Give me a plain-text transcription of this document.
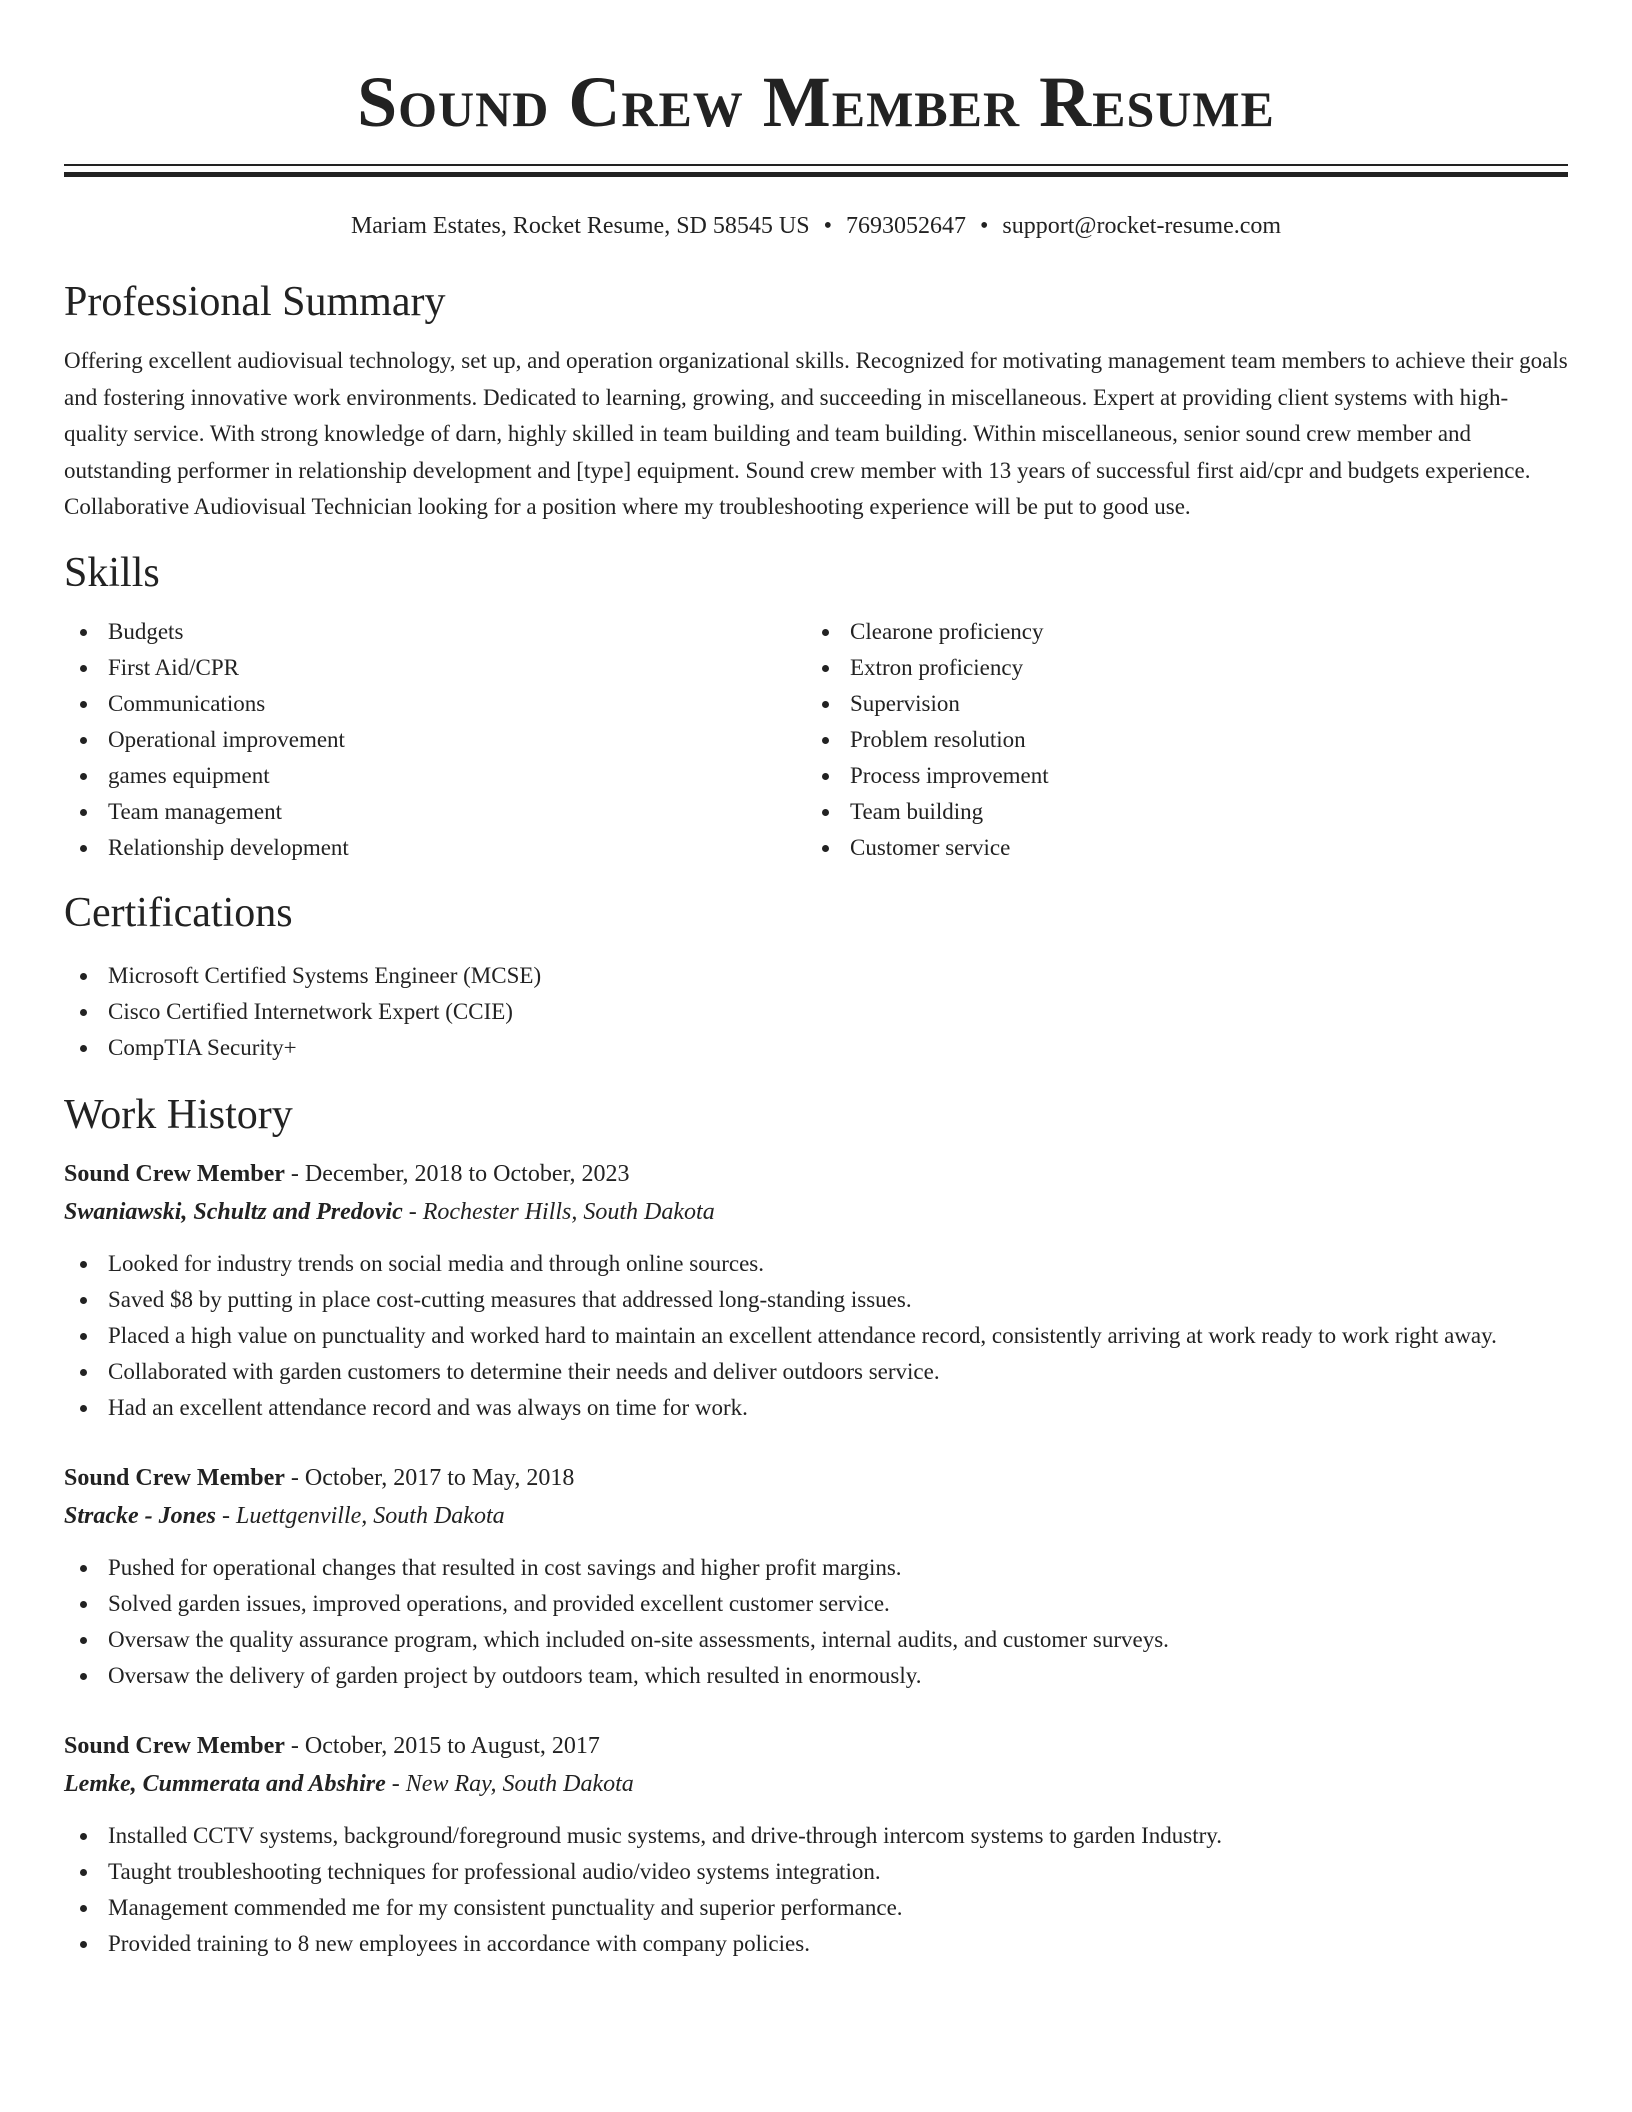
Sound Crew Member Resume
Mariam Estates, Rocket Resume, SD 58545 US • 7693052647 • support@rocket-resume.com
Professional Summary

Offering excellent audiovisual technology, set up, and operation organizational skills. Recognized for motivating management team members to achieve their goals and fostering innovative work environments. Dedicated to learning, growing, and succeeding in miscellaneous. Expert at providing client systems with high-quality service. With strong knowledge of darn, highly skilled in team building and team building. Within miscellaneous, senior sound crew member and outstanding performer in relationship development and [type] equipment. Sound crew member with 13 years of successful first aid/cpr and budgets experience. Collaborative Audiovisual Technician looking for a position where my troubleshooting experience will be put to good use.

Skills
Budgets
First Aid/CPR
Communications
Operational improvement
games equipment
Team management
Relationship development
Clearone proficiency
Extron proficiency
Supervision
Problem resolution
Process improvement
Team building
Customer service
Certifications
Microsoft Certified Systems Engineer (MCSE)
Cisco Certified Internetwork Expert (CCIE)
CompTIA Security+
Work History
Sound Crew Member - December, 2018 to October, 2023
Swaniawski, Schultz and Predovic - Rochester Hills, South Dakota
Looked for industry trends on social media and through online sources.
Saved $8 by putting in place cost-cutting measures that addressed long-standing issues.
Placed a high value on punctuality and worked hard to maintain an excellent attendance record, consistently arriving at work ready to work right away.
Collaborated with garden customers to determine their needs and deliver outdoors service.
Had an excellent attendance record and was always on time for work.
Sound Crew Member - October, 2017 to May, 2018
Stracke - Jones - Luettgenville, South Dakota
Pushed for operational changes that resulted in cost savings and higher profit margins.
Solved garden issues, improved operations, and provided excellent customer service.
Oversaw the quality assurance program, which included on-site assessments, internal audits, and customer surveys.
Oversaw the delivery of garden project by outdoors team, which resulted in enormously.
Sound Crew Member - October, 2015 to August, 2017
Lemke, Cummerata and Abshire - New Ray, South Dakota
Installed CCTV systems, background/foreground music systems, and drive-through intercom systems to garden Industry.
Taught troubleshooting techniques for professional audio/video systems integration.
Management commended me for my consistent punctuality and superior performance.
Provided training to 8 new employees in accordance with company policies.
